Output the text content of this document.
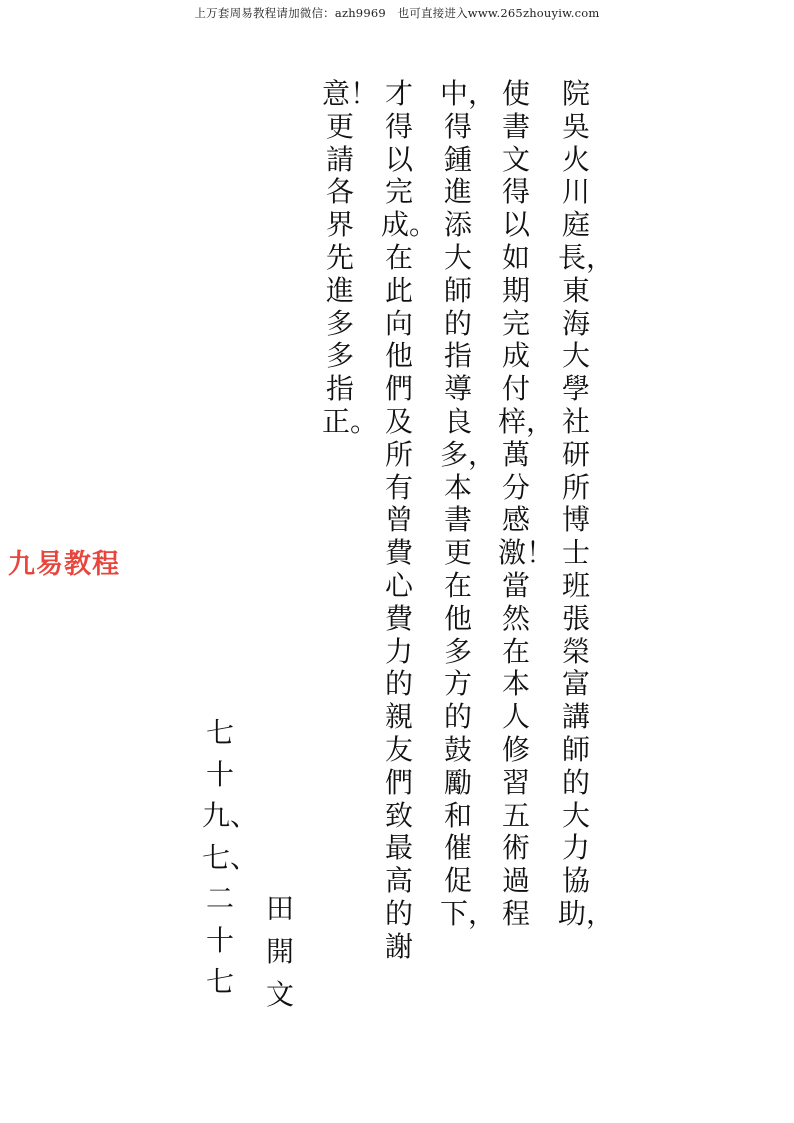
上万套周易教程请加微信：azh9969　也可直接进入www.265zhouyiw.com
九易教程
院吳火川庭長，東海大學社研所博士班張榮富講師的大力協助，
使書文得以如期完成付梓，萬分感激！當然在本人修習五術過程
中，得鍾進添大師的指導良多，本書更在他多方的鼓勵和催促下，
才得以完成。在此向他們及所有曾費心費力的親友們致最高的謝
意！更請各界先進多多指正。
田開文
七十九、七、二十七
